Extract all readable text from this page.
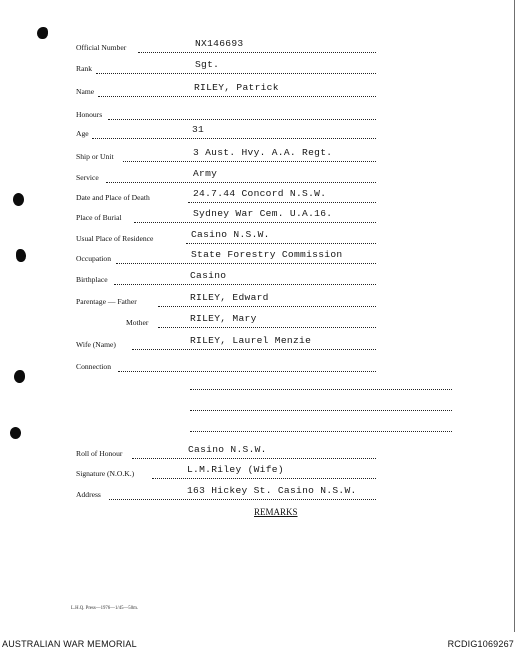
Official Number	NX146693
Rank	Sgt.
Name	RILEY, Patrick
Honours
Age	31
Ship or Unit	3 Aust. Hvy. A.A. Regt.
Service	Army
Date and Place of Death	24.7.44 Concord N.S.W.
Place of Burial	Sydney War Cem. U.A.16.
Usual Place of Residence	Casino N.S.W.
Occupation	State Forestry Commission
Birthplace	Casino
Parentage — Father	RILEY, Edward
Mother	RILEY, Mary
Wife (Name)	RILEY, Laurel Menzie
Connection
Roll of Honour	Casino N.S.W.
Signature (N.O.K.)	L.M.Riley (Wife)
Address	163 Hickey St. Casino N.S.W.
REMARKS
L.H.Q. Press—1976—1/45—50m.
AUSTRALIAN WAR MEMORIAL	RCDIG1069267
